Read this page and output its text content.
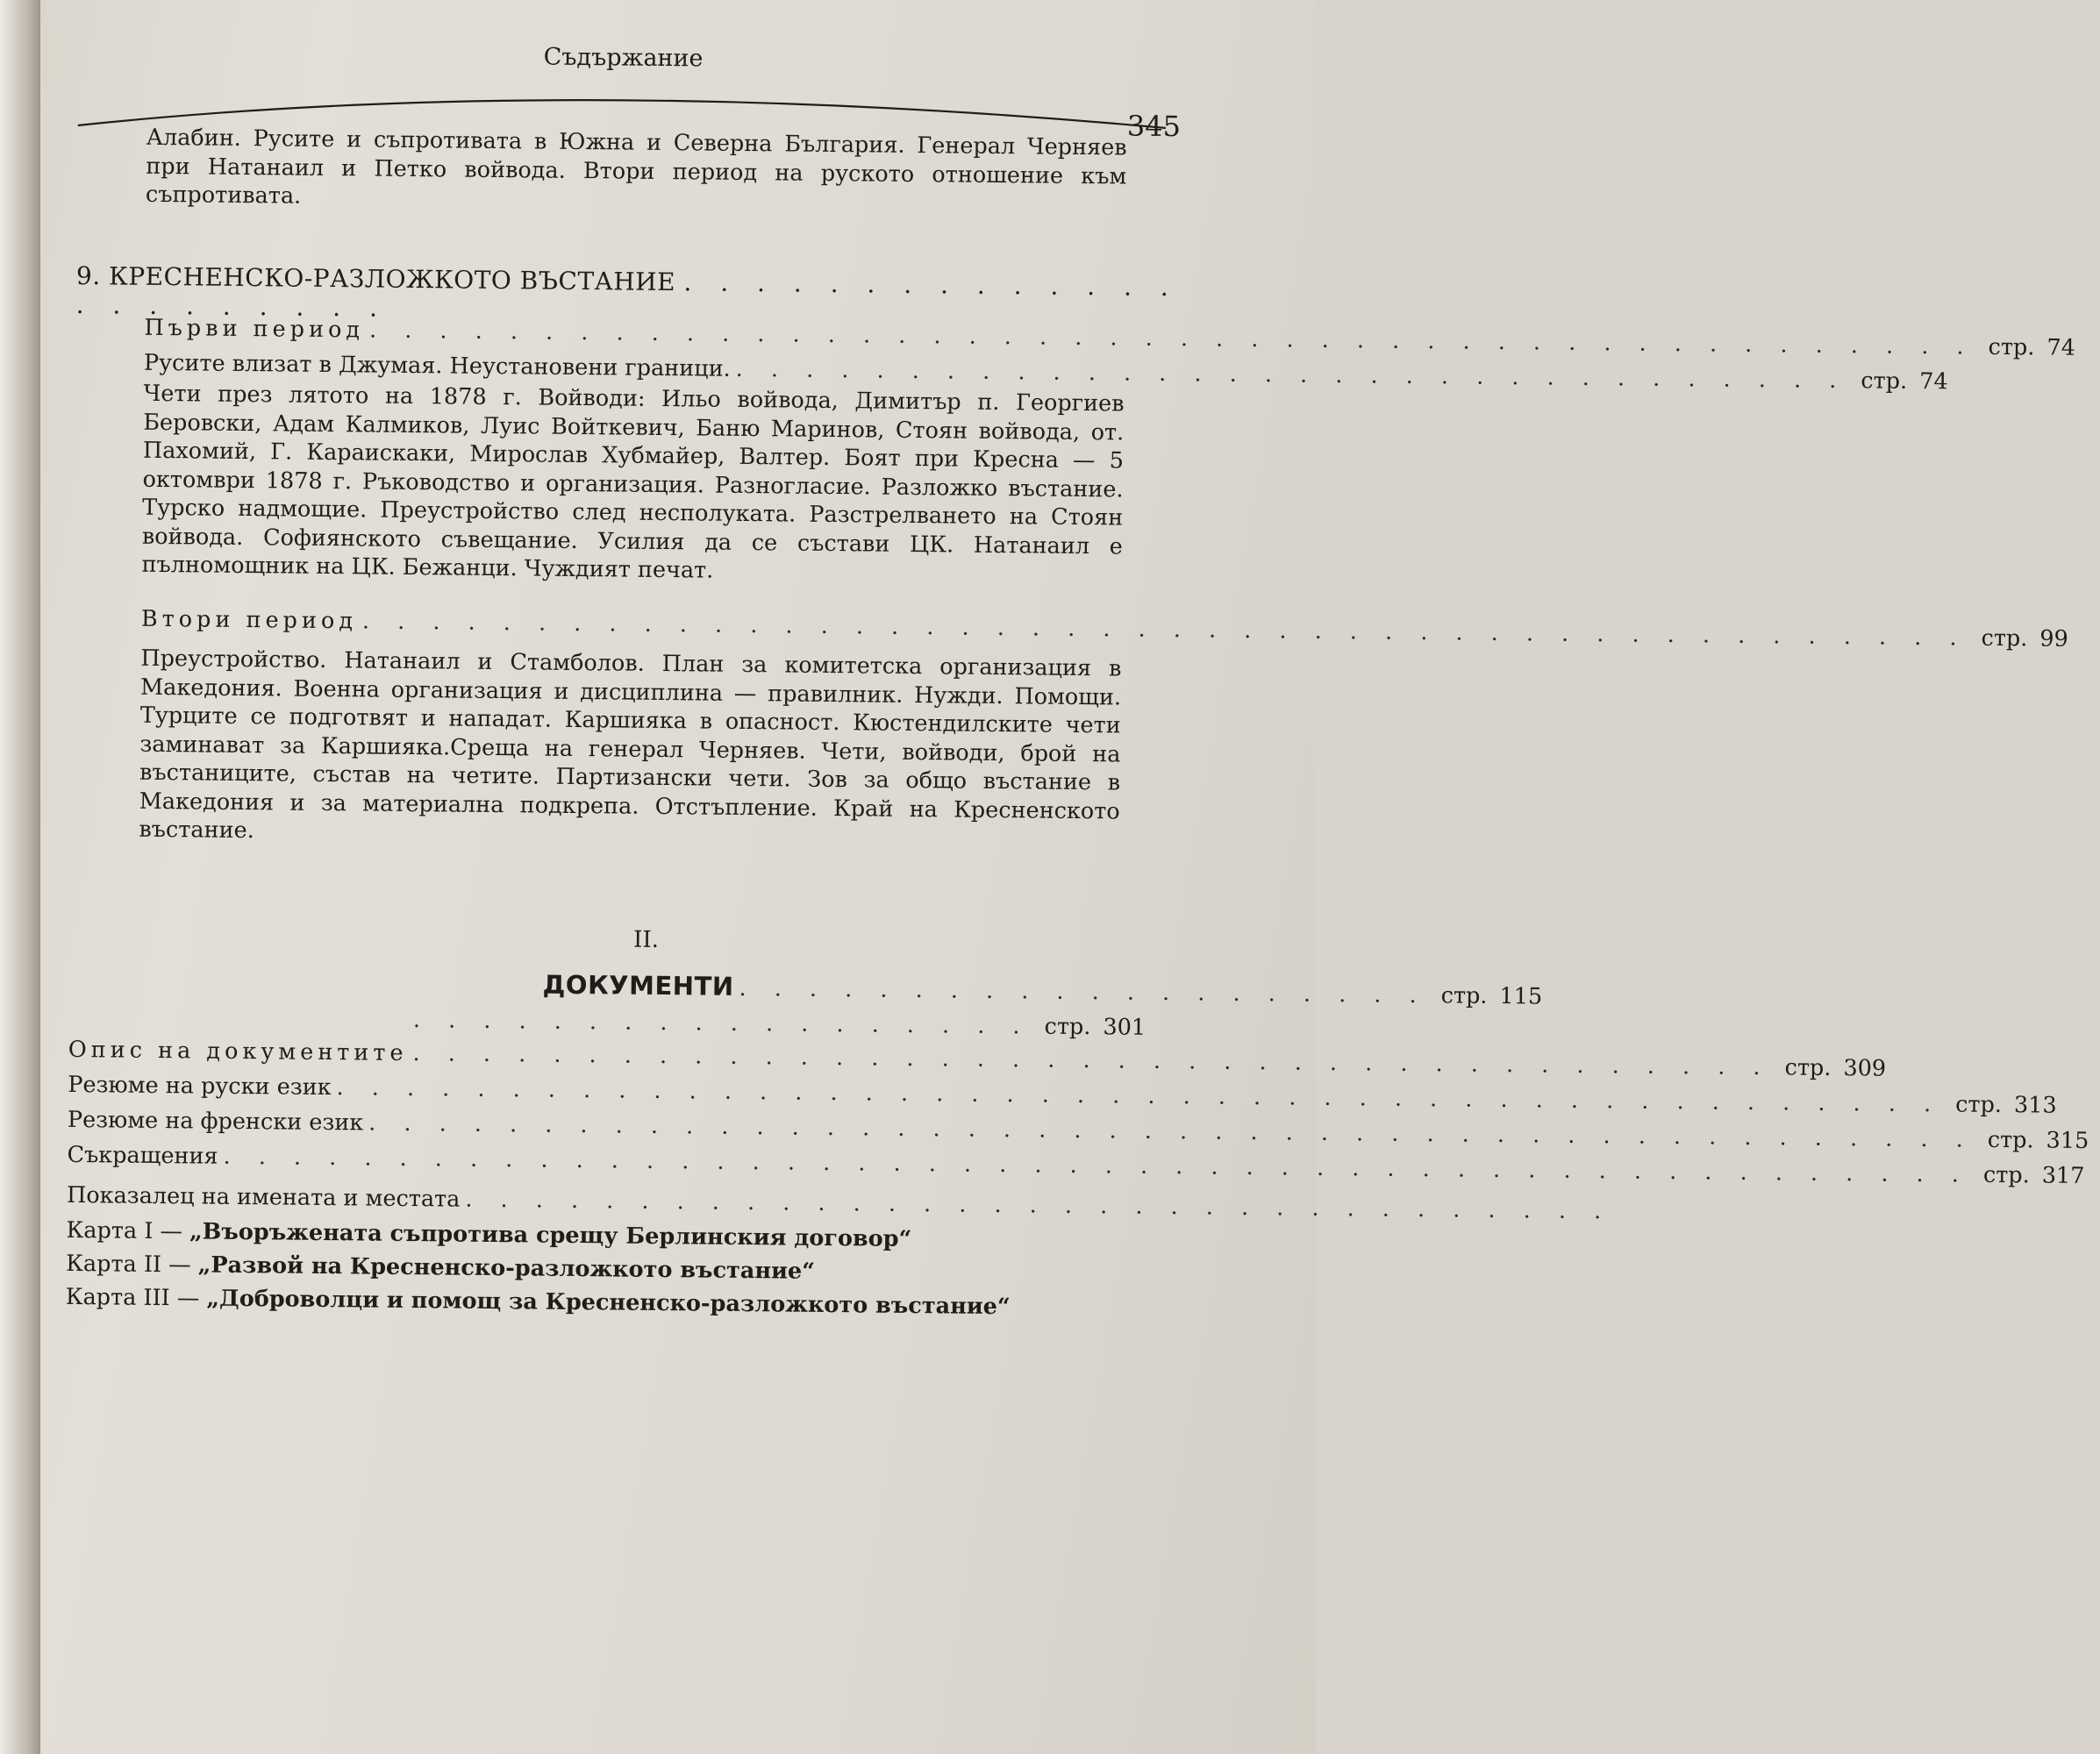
Съдържание
345
Алабин. Руситe и съпротивата в Южна и Северна България. Генерал Черняев при Натанаил и Петко войвода. Втори период на руското отношение към съпротивата.
9. КРЕСНЕНСКО-РАЗЛОЖКОТО ВЪСТАНИЕ . . . . . . . . . . . . . . . . . . . . . . .
Първи период . . . . . . . . . . . . . . . . . . . . . . . . . . . . . . . . . . . . . . . . . . . . . . стр. 74
Руситe влизат в Джумая. Неустановени граници. . . . . . . . . . . . . . . . . . . . . . . . . . . . . . . . . стр. 74
Чети през лятото на 1878 г. Войводи: Ильо войвода, Димитър п. Георгиев Беровски, Адам Калмиков, Луис Войткевич, Баню Маринов, Стоян войвода, от. Пахомий, Г. Караискаки, Мирослав Хубмайер, Валтер. Боят при Кресна — 5 октомври 1878 г. Ръководство и организация. Разногласие. Разложко въстание. Турско надмощие. Преустройство след несполуката. Разстрелването на Стоян войвода. Софиянското съвещание. Усилия да се състави ЦК. Натанаил е пълномощник на ЦК. Бежанци. Чуждият печат.
Втори период . . . . . . . . . . . . . . . . . . . . . . . . . . . . . . . . . . . . . . . . . . . . . . стр. 99
Преустройство. Натанаил и Стамболов. План за комитетска организация в Македония. Военна организация и дисциплина — правилник. Нужди. Помощи. Турците се подготвят и нападат. Каршияка в опасност. Кюстендилските чети заминават за Каршияка.Среща на генерал Черняев. Чети, войводи, брой на въстаниците, състав на четите. Партизански чети. Зов за общо въстание в Македония и за материална подкрепа. Отстъпление. Край на Кресненското въстание.
II.
ДОКУМЕНТИ . . . . . . . . . . . . . . . . . . . . стр. 115
. . . . . . . . . . . . . . . . . . стр. 301
Опис на документите . . . . . . . . . . . . . . . . . . . . . . . . . . . . . . . . . . . . . . . стр. 309
Резюме на руски език . . . . . . . . . . . . . . . . . . . . . . . . . . . . . . . . . . . . . . . . . . . . . . стр. 313
Резюме на френски език . . . . . . . . . . . . . . . . . . . . . . . . . . . . . . . . . . . . . . . . . . . . . . стр. 315
Съкращения . . . . . . . . . . . . . . . . . . . . . . . . . . . . . . . . . . . . . . . . . . . . . . . . . . стр. 317
Показалец на имената и местата . . . . . . . . . . . . . . . . . . . . . . . . . . . . . . . . .
Карта I — „Въоръжената съпротива срещу Берлинския договор“
Карта II — „Развой на Кресненско-разложкото въстание“
Карта III — „Доброволци и помощ за Кресненско-разложкото въстание“
